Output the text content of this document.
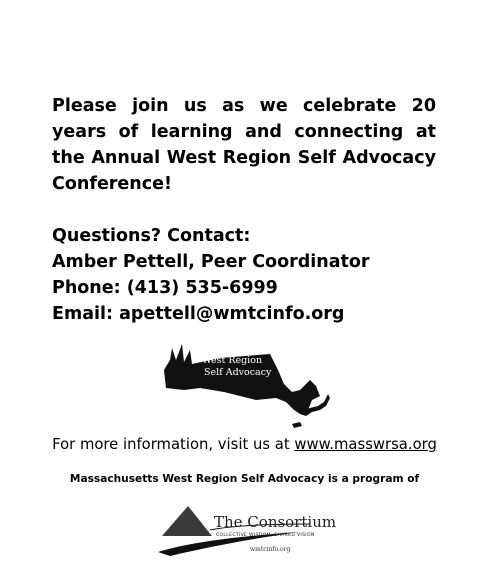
Please join us as we celebrate 20 years of learning and connecting at the Annual West Region Self Advocacy Conference!

Questions? Contact:
Amber Pettell, Peer Coordinator
Phone: (413) 535-6999
Email: apettell@wmtcinfo.org
West Region
Self Advocacy
For more information, visit us at www.masswrsa.org
Massachusetts West Region Self Advocacy is a program of
The Consortium
COLLECTIVE WISDOM, SHARED VISION
wmtcinfo.org
